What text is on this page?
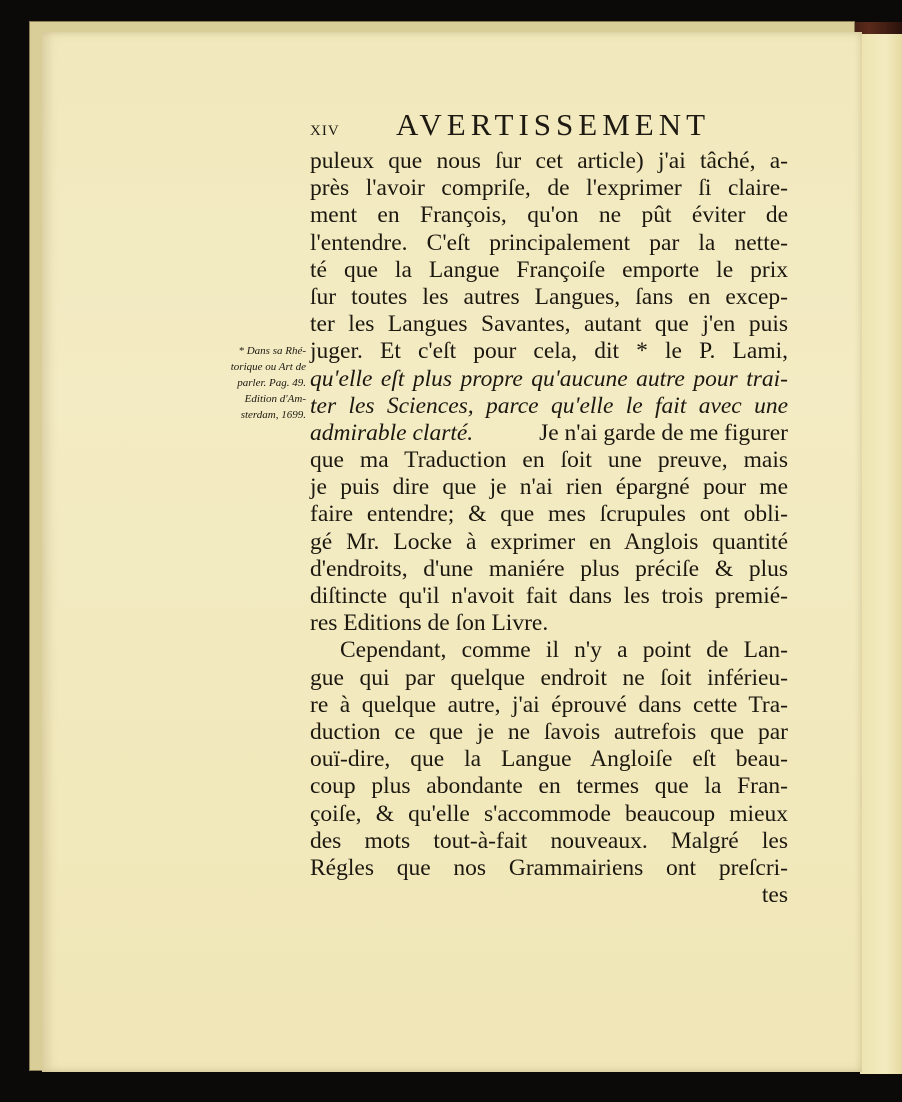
xiv AVERTISSEMENT
* Dans sa Rhé-
torique ou Art de
parler. Pag. 49.
Edition d'Am-
sterdam, 1699.
puleux que nous ſur cet article) j'ai tâché, a-
près l'avoir compriſe, de l'exprimer ſi claire-
ment en François, qu'on ne pût éviter de
l'entendre. C'eſt principalement par la nette-
té que la Langue Françoiſe emporte le prix
ſur toutes les autres Langues, ſans en excep-
ter les Langues Savantes, autant que j'en puis
juger. Et c'eſt pour cela, dit * le P. Lami,
qu'elle eſt plus propre qu'aucune autre pour trai-
ter les Sciences, parce qu'elle le fait avec une
admirable clarté.	Je n'ai garde de me figurer
que ma Traduction en ſoit une preuve, mais
je puis dire que je n'ai rien épargné pour me
faire entendre; & que mes ſcrupules ont obli-
gé Mr. Locke à exprimer en Anglois quantité
d'endroits, d'une maniére plus préciſe & plus
diſtincte qu'il n'avoit fait dans les trois premié-
res Editions de ſon Livre.
Cependant, comme il n'y a point de Lan-
gue qui par quelque endroit ne ſoit inférieu-
re à quelque autre, j'ai éprouvé dans cette Tra-
duction ce que je ne ſavois autrefois que par
ouï-dire, que la Langue Angloiſe eſt beau-
coup plus abondante en termes que la Fran-
çoiſe, & qu'elle s'accommode beaucoup mieux
des mots tout-à-fait nouveaux. Malgré les
Régles que nos Grammairiens ont preſcri-
tes
